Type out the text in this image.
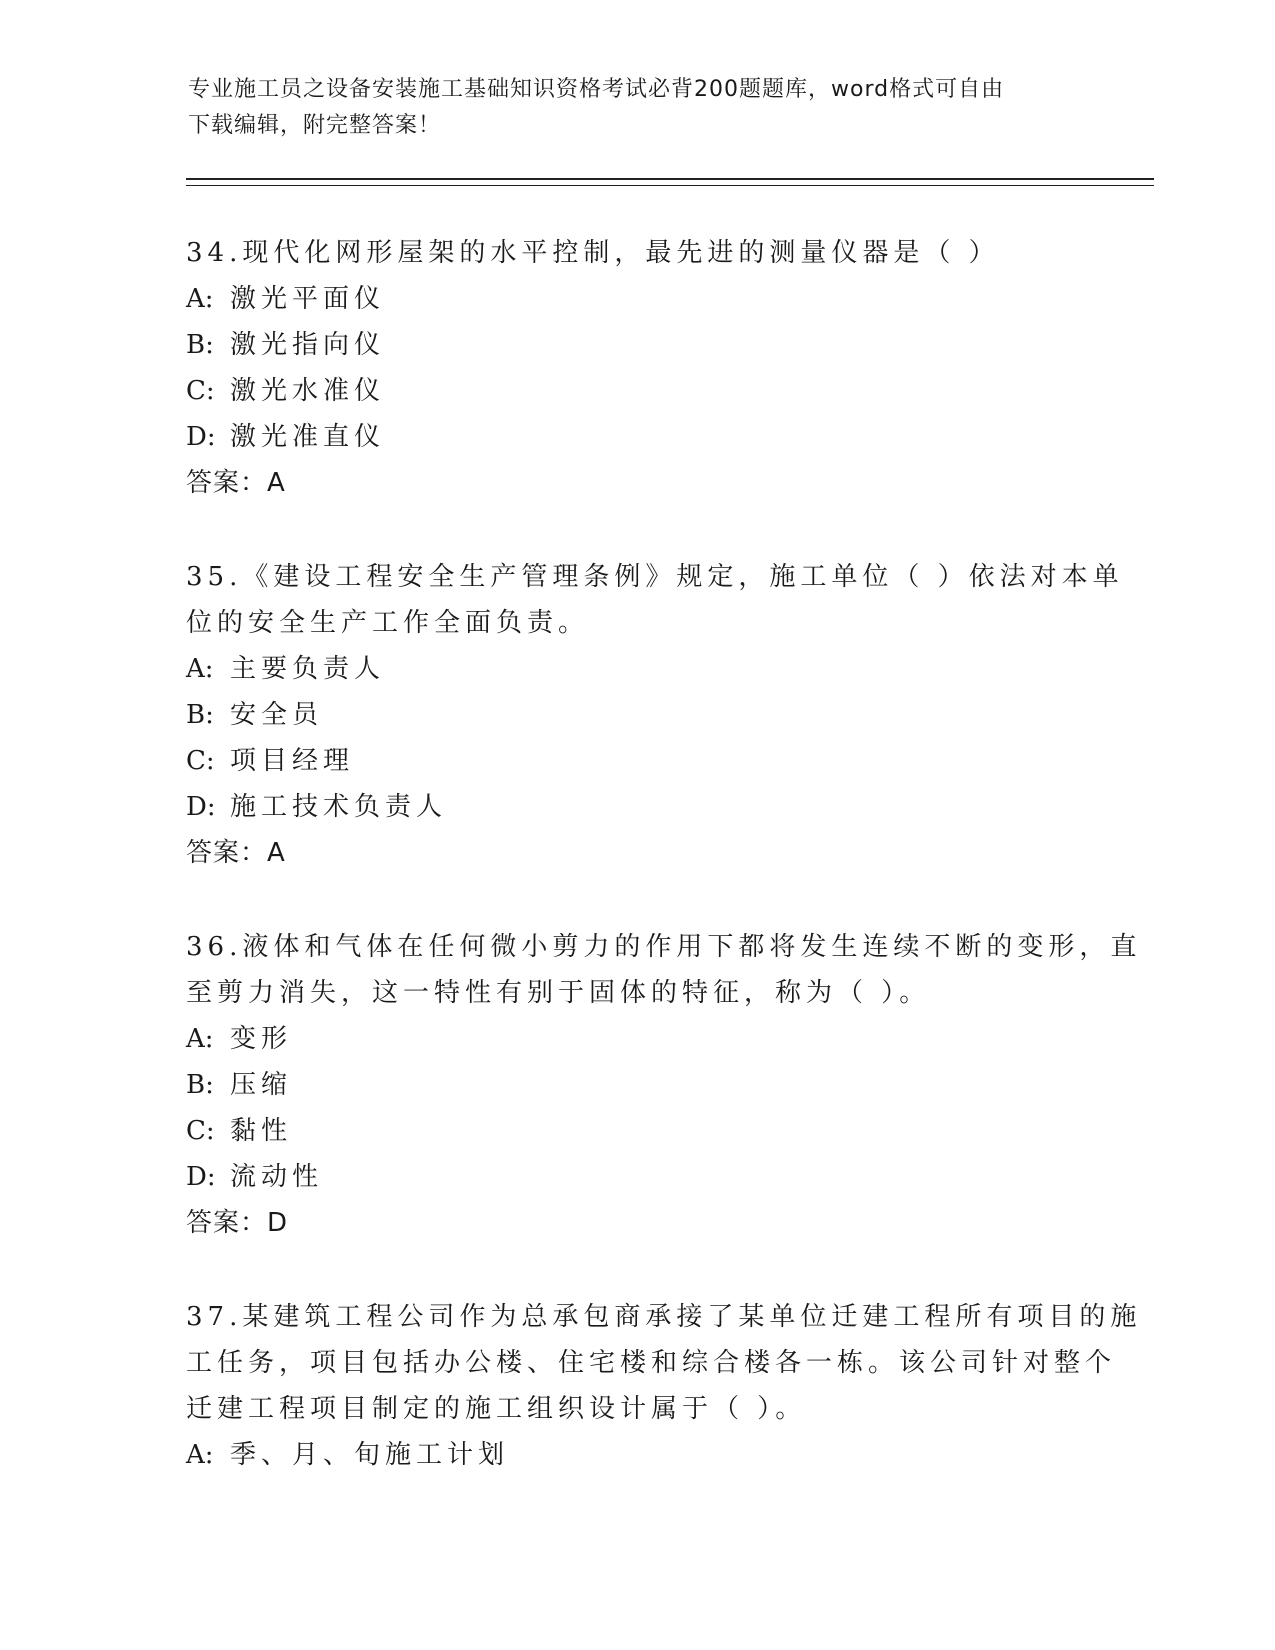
专业施工员之设备安装施工基础知识资格考试必背200题题库，word格式可自由
下载编辑，附完整答案！
34.现代化网形屋架的水平控制，最先进的测量仪器是（ ）
A: 激光平面仪
B: 激光指向仪
C: 激光水准仪
D: 激光准直仪
答案：A
35.《建设工程安全生产管理条例》规定，施工单位（ ）依法对本单
位的安全生产工作全面负责。
A: 主要负责人
B: 安全员
C: 项目经理
D: 施工技术负责人
答案：A
36.液体和气体在任何微小剪力的作用下都将发生连续不断的变形，直
至剪力消失，这一特性有别于固体的特征，称为（ ）。
A: 变形
B: 压缩
C: 黏性
D: 流动性
答案：D
37.某建筑工程公司作为总承包商承接了某单位迁建工程所有项目的施
工任务，项目包括办公楼、住宅楼和综合楼各一栋。该公司针对整个
迁建工程项目制定的施工组织设计属于（ ）。
A: 季、月、旬施工计划
